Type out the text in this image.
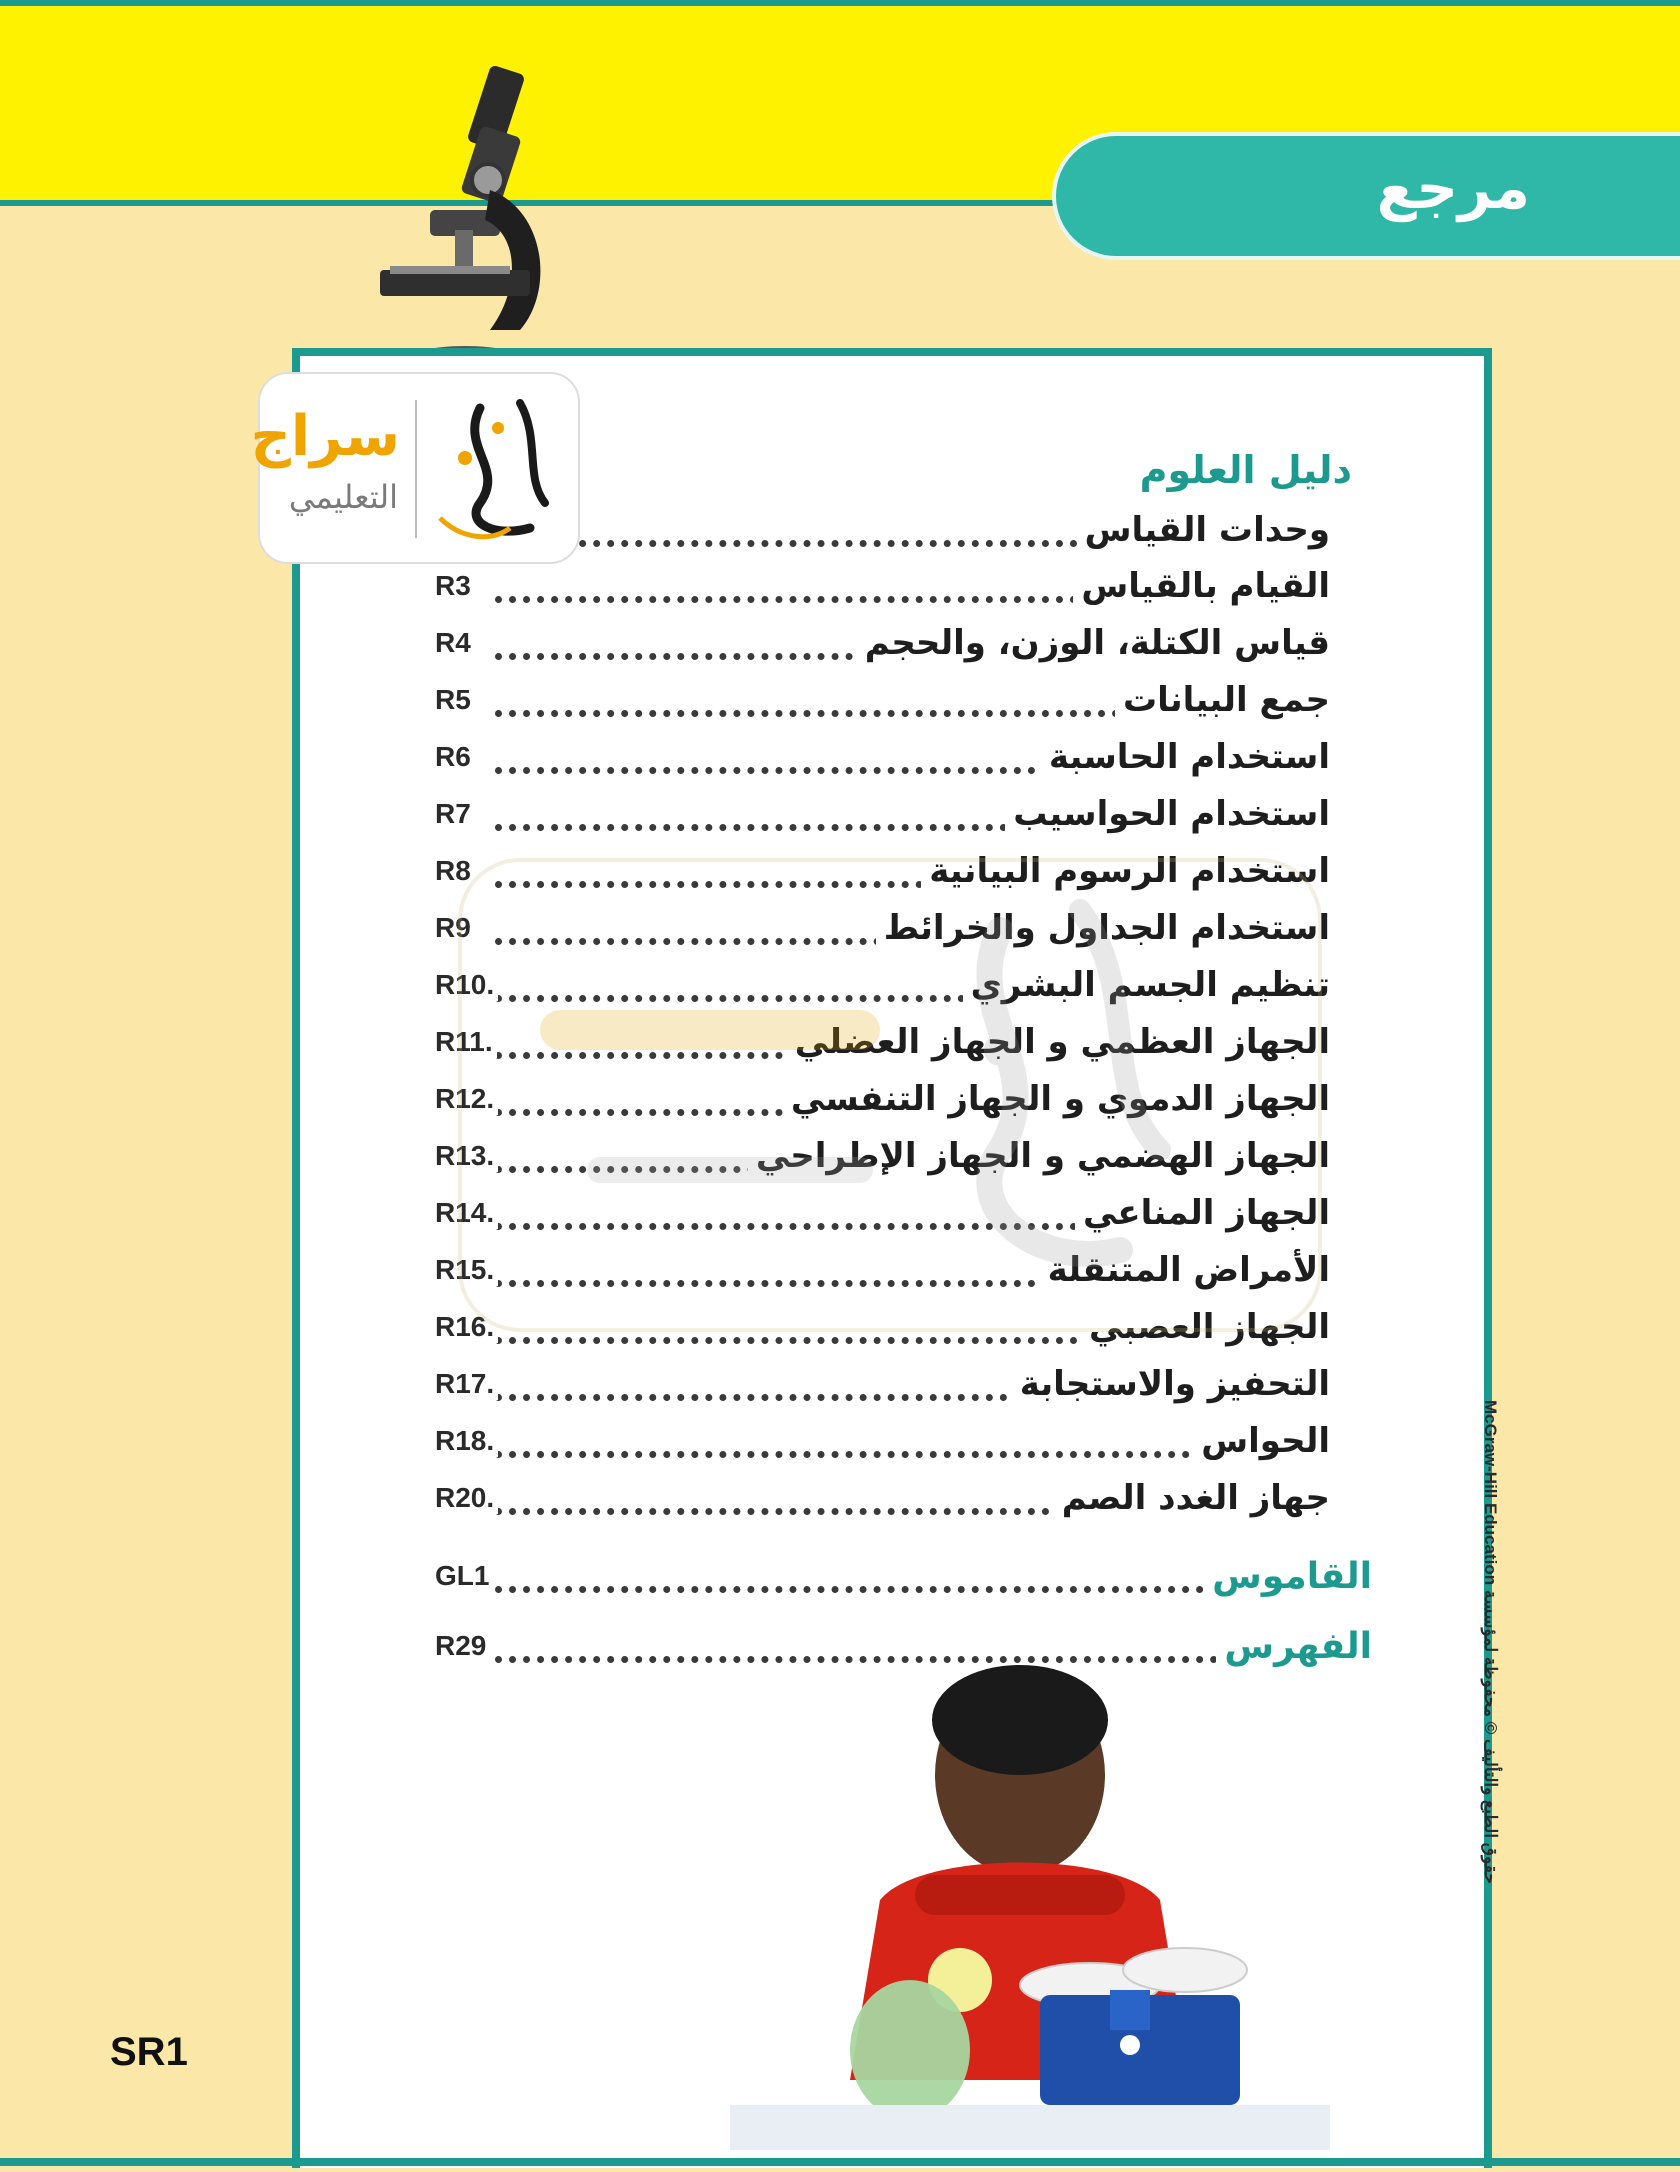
مرجع
دليل العلوم
وحدات القياس
R3	القيام بالقياس
R4	قياس الكتلة، الوزن، والحجم
R5	جمع البيانات
R6	استخدام الحاسبة
R7	استخدام الحواسيب
R8	استخدام الرسوم البيانية
R9	استخدام الجداول والخرائط
R10.	تنظيم الجسم البشري
R11.	الجهاز العظمي و الجهاز العضلي
R12.	الجهاز الدموي و الجهاز التنفسي
R13.	الجهاز الهضمي و الجهاز الإطراحي
R14.	الجهاز المناعي
R15.	الأمراض المتنقلة
R16.	الجهاز العصبي
R17.	التحفيز والاستجابة
R18.	الحواس
R20.	جهاز الغدد الصم
GL1	القاموس
R29	الفهرس
سراج
التعليمي
حقوق الطبع والتأليف © محفوظة لمؤسسة McGraw-Hill Education
SR1
